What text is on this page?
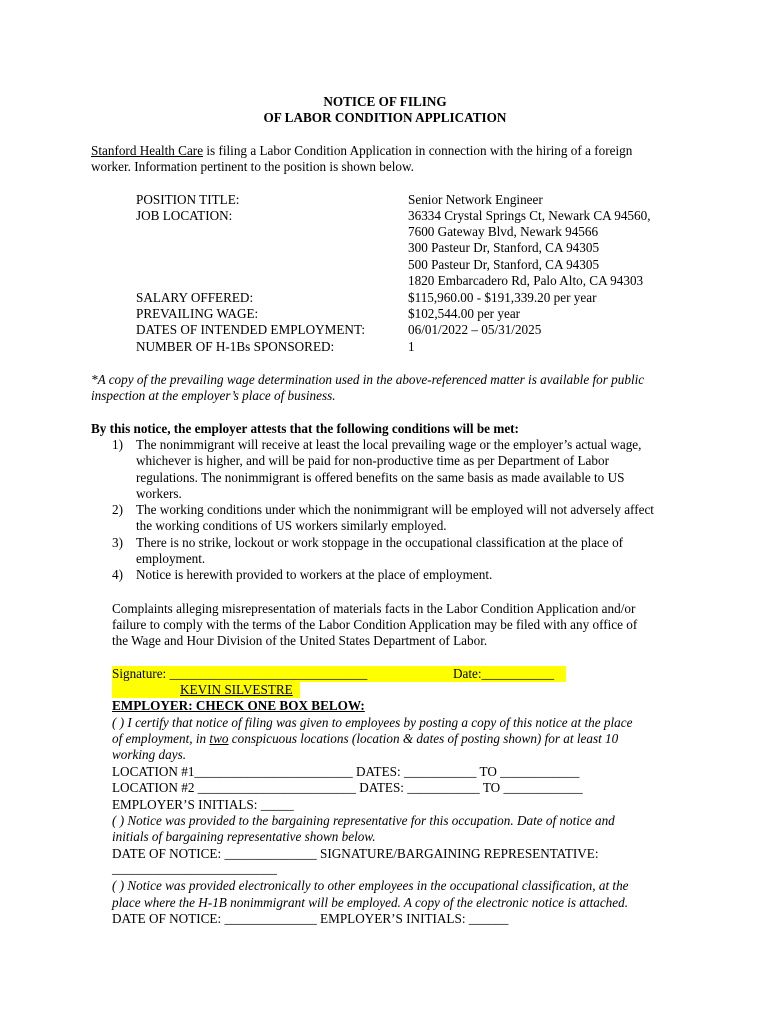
NOTICE OF FILING
OF LABOR CONDITION APPLICATION
Stanford Health Care is filing a Labor Condition Application in connection with the hiring of a foreign
worker. Information pertinent to the position is shown below.
POSITION TITLE:	Senior Network Engineer
JOB LOCATION:	36334 Crystal Springs Ct, Newark CA 94560,
7600 Gateway Blvd, Newark 94566
300 Pasteur Dr, Stanford, CA 94305
500 Pasteur Dr, Stanford, CA 94305
1820 Embarcadero Rd, Palo Alto, CA 94303
SALARY OFFERED:	$115,960.00 - $191,339.20 per year
PREVAILING WAGE:	$102,544.00 per year
DATES OF INTENDED EMPLOYMENT:	06/01/2022 – 05/31/2025
NUMBER OF H-1Bs SPONSORED:	1
*A copy of the prevailing wage determination used in the above-referenced matter is available for public
inspection at the employer’s place of business.
By this notice, the employer attests that the following conditions will be met:
1) The nonimmigrant will receive at least the local prevailing wage or the employer’s actual wage, whichever is higher, and will be paid for non-productive time as per Department of Labor regulations. The nonimmigrant is offered benefits on the same basis as made available to US workers.
2) The working conditions under which the nonimmigrant will be employed will not adversely affect the working conditions of US workers similarly employed.
3) There is no strike, lockout or work stoppage in the occupational classification at the place of employment.
4) Notice is herewith provided to workers at the place of employment.
Complaints alleging misrepresentation of materials facts in the Labor Condition Application and/or
failure to comply with the terms of the Labor Condition Application may be filed with any office of
the Wage and Hour Division of the United States Department of Labor.
Signature: ______________________________	Date:___________
KEVIN SILVESTRE
EMPLOYER: CHECK ONE BOX BELOW:
( ) I certify that notice of filing was given to employees by posting a copy of this notice at the place
of employment, in two conspicuous locations (location & dates of posting shown) for at least 10
working days.
LOCATION #1________________________ DATES: ___________ TO ____________
LOCATION #2 ________________________ DATES: ___________ TO ____________
EMPLOYER’S INITIALS: _____
( ) Notice was provided to the bargaining representative for this occupation. Date of notice and
initials of bargaining representative shown below.
DATE OF NOTICE: ______________ SIGNATURE/BARGAINING REPRESENTATIVE:
_________________________
( ) Notice was provided electronically to other employees in the occupational classification, at the
place where the H-1B nonimmigrant will be employed. A copy of the electronic notice is attached.
DATE OF NOTICE: ______________ EMPLOYER’S INITIALS: ______
